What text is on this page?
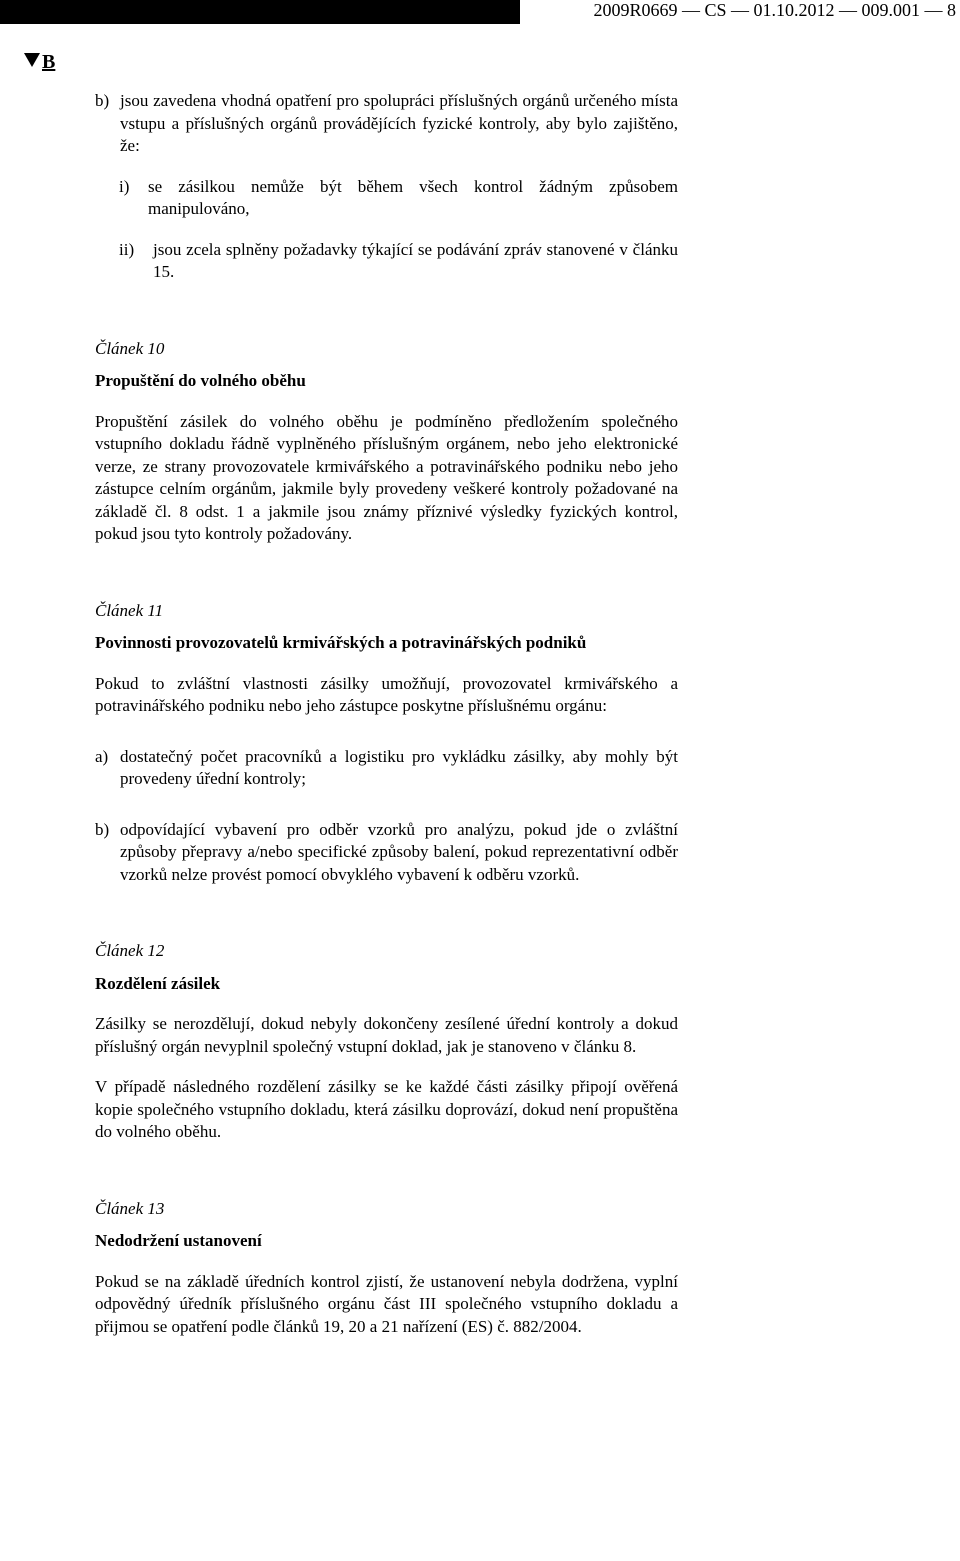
2009R0669 — CS — 01.10.2012 — 009.001 — 8
B
b) jsou zavedena vhodná opatření pro spolupráci příslušných orgánů určeného místa vstupu a příslušných orgánů provádějících fyzické kontroly, aby bylo zajištěno, že:
i)	se zásilkou nemůže být během všech kontrol žádným způsobem manipulováno,
ii)	jsou zcela splněny požadavky týkající se podávání zpráv stanovené v článku 15.

Článek 10

Propuštění do volného oběhu

Propuštění zásilek do volného oběhu je podmíněno předložením společného vstupního dokladu řádně vyplněného příslušným orgánem, nebo jeho elektronické verze, ze strany provozovatele krmivářského a potravinářského podniku nebo jeho zástupce celním orgánům, jakmile byly provedeny veškeré kontroly požadované na základě čl. 8 odst. 1 a jakmile jsou známy příznivé výsledky fyzických kontrol, pokud jsou tyto kontroly požadovány.

Článek 11

Povinnosti provozovatelů krmivářských a potravinářských podniků

Pokud to zvláštní vlastnosti zásilky umožňují, provozovatel krmivářského a potravinářského podniku nebo jeho zástupce poskytne příslušnému orgánu:

a) dostatečný počet pracovníků a logistiku pro vykládku zásilky, aby mohly být provedeny úřední kontroly;
b) odpovídající vybavení pro odběr vzorků pro analýzu, pokud jde o zvláštní způsoby přepravy a/nebo specifické způsoby balení, pokud reprezentativní odběr vzorků nelze provést pomocí obvyklého vybavení k odběru vzorků.

Článek 12

Rozdělení zásilek

Zásilky se nerozdělují, dokud nebyly dokončeny zesílené úřední kontroly a dokud příslušný orgán nevyplnil společný vstupní doklad, jak je stanoveno v článku 8.

V případě následného rozdělení zásilky se ke každé části zásilky připojí ověřená kopie společného vstupního dokladu, která zásilku doprovází, dokud není propuštěna do volného oběhu.

Článek 13

Nedodržení ustanovení

Pokud se na základě úředních kontrol zjistí, že ustanovení nebyla dodržena, vyplní odpovědný úředník příslušného orgánu část III společného vstupního dokladu a přijmou se opatření podle článků 19, 20 a 21 nařízení (ES) č. 882/2004.
